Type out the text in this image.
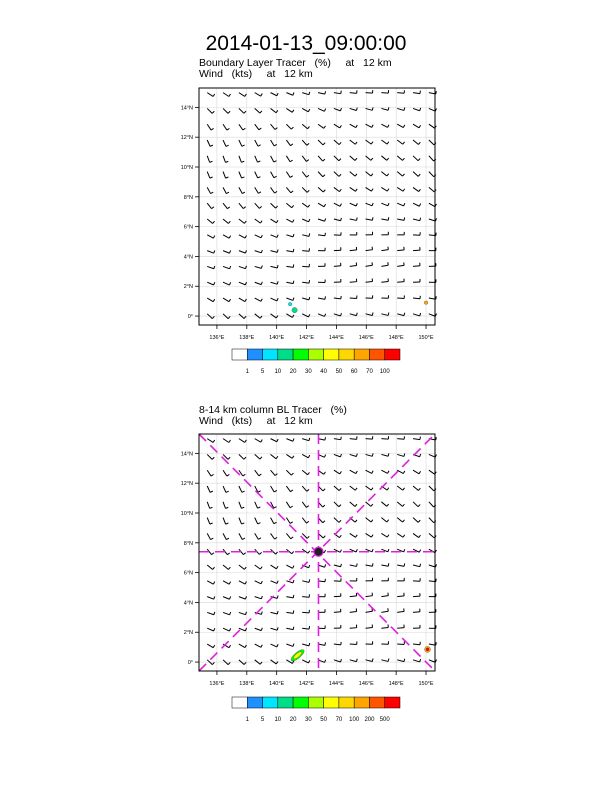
2014-01-13_09:00:00
Boundary Layer Tracer   (%)     at   12 km
Wind   (kts)     at   12 km
8-14 km column BL Tracer   (%)
Wind   (kts)     at   12 km
136°E	138°E	140°E	142°E	144°E	146°E	148°E	150°E
0°
2°N
4°N
6°N
8°N
10°N
12°N
14°N
1 5 10 20 30 40 50 60 70 100
136°E	138°E	140°E	142°E	144°E	146°E	148°E	150°E
0°
2°N
4°N
6°N
8°N
10°N
12°N
14°N
1 5 10 20 30 50 70 100 200 500
